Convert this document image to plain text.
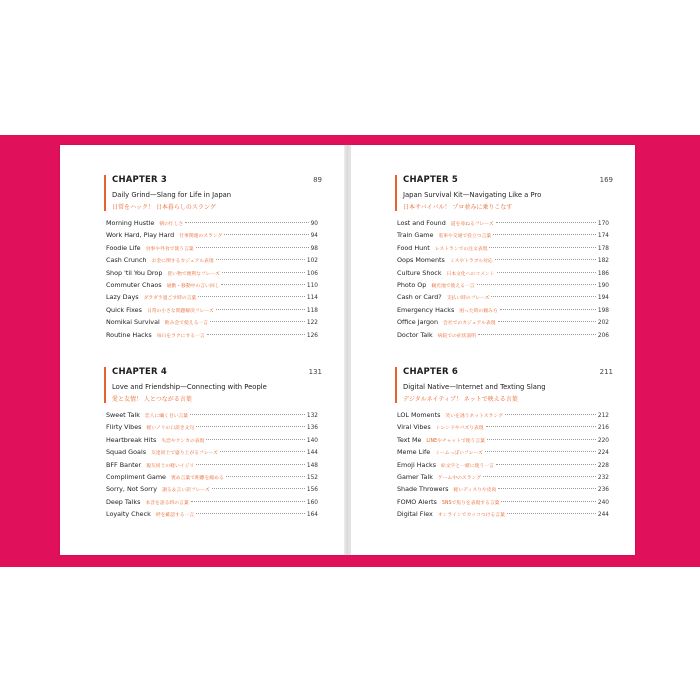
CHAPTER 3	89
Daily Grind—Slang for Life in Japan
日常をハック！ 日本暮らしのスラング
Morning Hustle 朝の忙しさ	90
Work Hard, Play Hard 仕事関連のスラング	94
Foodie Life 食事や外食で使う言葉	98
Cash Crunch お金に関するカジュアル表現	102
Shop 'til You Drop 買い物で便利なフレーズ	106
Commuter Chaos 通勤・移動中の言い回し	110
Lazy Days ダラダラ過ごす時の言葉	114
Quick Fixes 日常の小さな問題解決フレーズ	118
Nomikai Survival 飲み会で使える一言	122
Routine Hacks 毎日をラクにする一言	126
CHAPTER 4	131
Love and Friendship—Connecting with People
愛と友情！ 人とつながる言葉
Sweet Talk 恋人に囁く甘い言葉	132
Flirty Vibes 軽いノリの口説き文句	136
Heartbreak Hits 失恋やケンカの表現	140
Squad Goals 友達同士で盛り上がるフレーズ	144
BFF Banter 親友同士の軽いイジリ	148
Compliment Game 褒め言葉で距離を縮める	152
Sorry, Not Sorry 謝る＆言い訳フレーズ	156
Deep Talks 本音を語る時の言葉	160
Loyalty Check 絆を確認する一言	164
CHAPTER 5	169
Japan Survival Kit—Navigating Like a Pro
日本サバイバル！ プロ並みに乗りこなす
Lost and Found 道を尋ねるフレーズ	170
Train Game 電車や交通で役立つ言葉	174
Food Hunt レストランでの注文表現	178
Oops Moments ミスやトラブル対応	182
Culture Shock 日本文化へのコメント	186
Photo Op 観光地で使える一言	190
Cash or Card? 支払い時のフレーズ	194
Emergency Hacks 困った時の頼み方	198
Office Jargon 会社でのカジュアル表現	202
Doctor Talk 病院での症状説明	206
CHAPTER 6	211
Digital Native—Internet and Texting Slang
デジタルネイティブ！ ネットで映える言葉
LOL Moments 笑いを誘うネットスラング	212
Viral Vibes トレンドやバズり表現	216
Text Me LINEやチャットで使う言葉	220
Meme Life ミームっぽいフレーズ	224
Emoji Hacks 絵文字と一緒に使う一言	228
Gamer Talk ゲーム中のスラング	232
Shade Throwers 軽いディスりや皮肉	236
FOMO Alerts SNSで焦りを表現する言葉	240
Digital Flex オンラインでカッコつける言葉	244
